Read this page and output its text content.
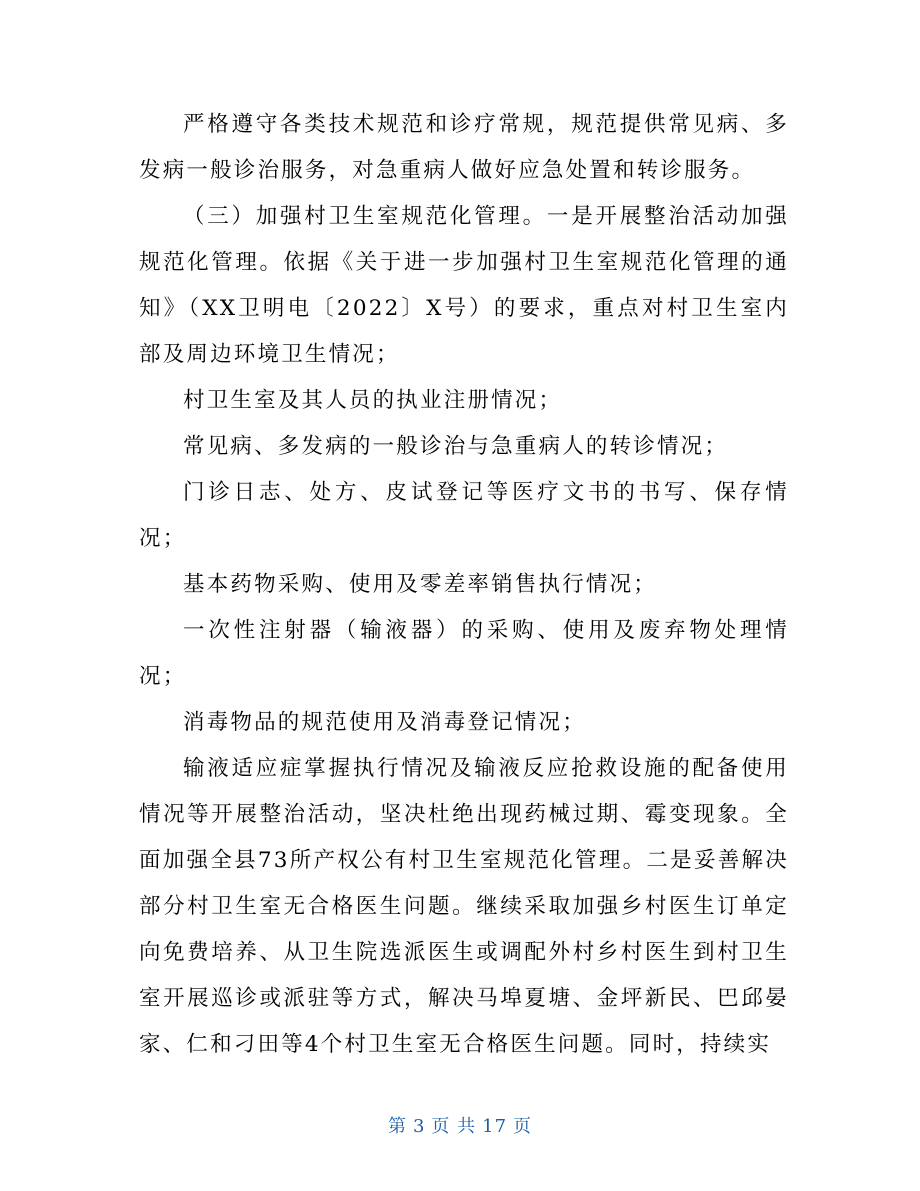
严格遵守各类技术规范和诊疗常规，规范提供常见病、多发病一般诊治服务，对急重病人做好应急处置和转诊服务。

（三）加强村卫生室规范化管理。一是开展整治活动加强规范化管理。依据《关于进一步加强村卫生室规范化管理的通知》（XX卫明电〔2022〕X号）的要求，重点对村卫生室内部及周边环境卫生情况；

村卫生室及其人员的执业注册情况；

常见病、多发病的一般诊治与急重病人的转诊情况；

门诊日志、处方、皮试登记等医疗文书的书写、保存情况；

基本药物采购、使用及零差率销售执行情况；

一次性注射器（输液器）的采购、使用及废弃物处理情况；

消毒物品的规范使用及消毒登记情况；

输液适应症掌握执行情况及输液反应抢救设施的配备使用情况等开展整治活动，坚决杜绝出现药械过期、霉变现象。全面加强全县73所产权公有村卫生室规范化管理。二是妥善解决部分村卫生室无合格医生问题。继续采取加强乡村医生订单定向免费培养、从卫生院选派医生或调配外村乡村医生到村卫生室开展巡诊或派驻等方式，解决马埠夏塘、金坪新民、巴邱晏家、仁和刁田等4个村卫生室无合格医生问题。同时，持续实

第 3 页 共 17 页
